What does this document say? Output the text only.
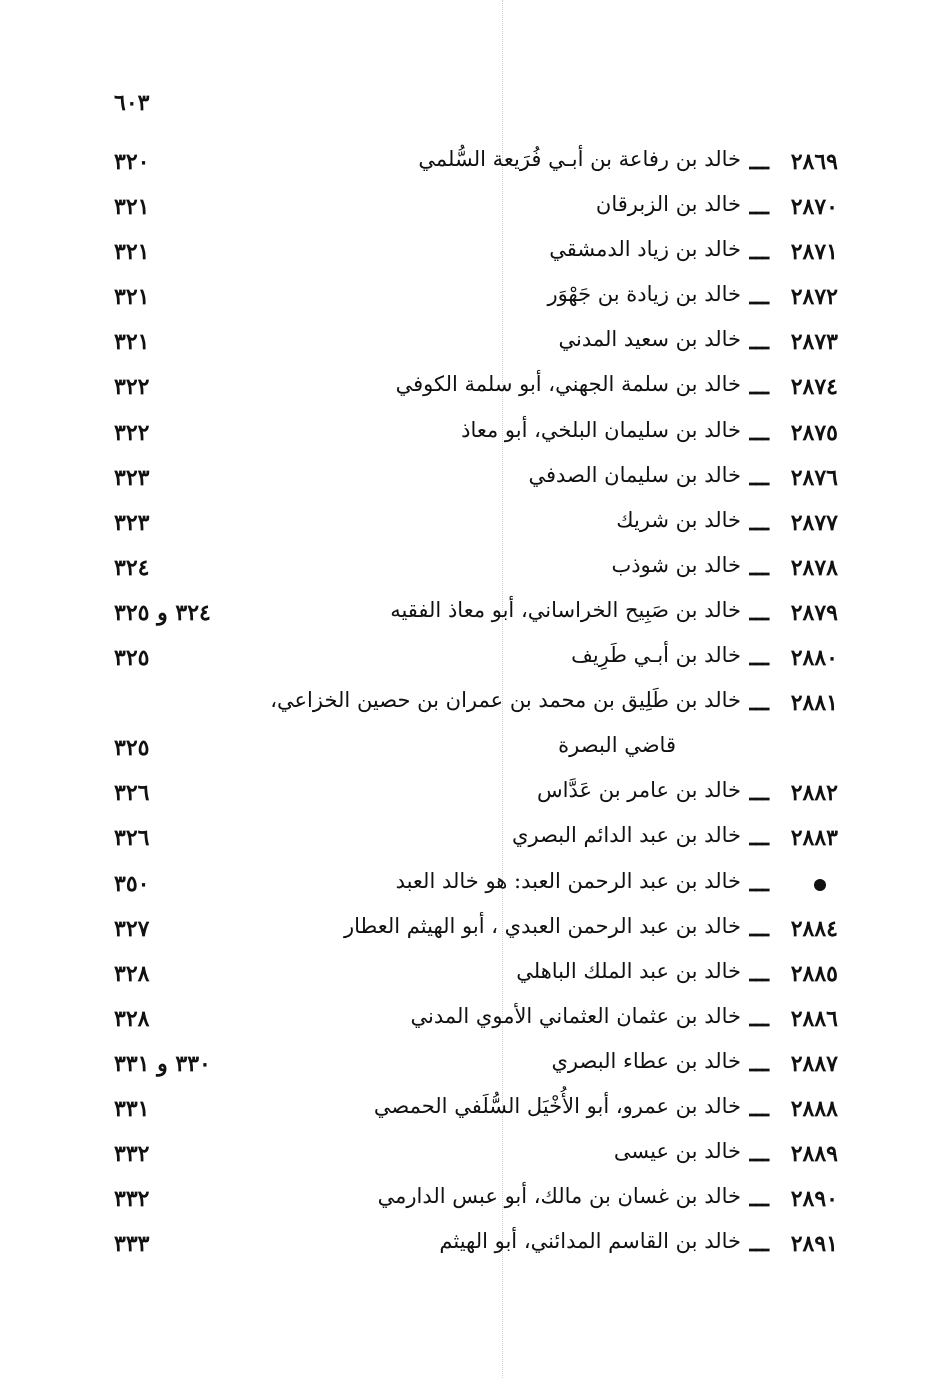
٦٠٣
٢٨٦٩
ـــ
خالد بن رفاعة بن أبـي فُرَيعة السُّلمي
٣٢٠
٢٨٧٠
ـــ
خالد بن الزبرقان
٣٢١
٢٨٧١
ـــ
خالد بن زياد الدمشقي
٣٢١
٢٨٧٢
ـــ
خالد بن زيادة بن جَهْوَر
٣٢١
٢٨٧٣
ـــ
خالد بن سعيد المدني
٣٢١
٢٨٧٤
ـــ
خالد بن سلمة الجهني، أبو سلمة الكوفي
٣٢٢
٢٨٧٥
ـــ
خالد بن سليمان البلخي، أبو معاذ
٣٢٢
٢٨٧٦
ـــ
خالد بن سليمان الصدفي
٣٢٣
٢٨٧٧
ـــ
خالد بن شريك
٣٢٣
٢٨٧٨
ـــ
خالد بن شوذب
٣٢٤
٢٨٧٩
ـــ
خالد بن صَبِيح الخراساني، أبو معاذ الفقيه
٣٢٤ و ٣٢٥
٢٨٨٠
ـــ
خالد بن أبـي طَرِيف
٣٢٥
٢٨٨١
ـــ
خالد بن طَلِيق بن محمد بن عمران بن حصين الخزاعي،
قاضي البصرة
٣٢٥
٢٨٨٢
ـــ
خالد بن عامر بن عَدَّاس
٣٢٦
٢٨٨٣
ـــ
خالد بن عبد الدائم البصري
٣٢٦
ـــ
خالد بن عبد الرحمن العبد: هو خالد العبد
٣٥٠
٢٨٨٤
ـــ
خالد بن عبد الرحمن العبدي ، أبو الهيثم العطار
٣٢٧
٢٨٨٥
ـــ
خالد بن عبد الملك الباهلي
٣٢٨
٢٨٨٦
ـــ
خالد بن عثمان العثماني الأموي المدني
٣٢٨
٢٨٨٧
ـــ
خالد بن عطاء البصري
٣٣٠ و ٣٣١
٢٨٨٨
ـــ
خالد بن عمرو، أبو الأُخْيَل السُّلَفي الحمصي
٣٣١
٢٨٨٩
ـــ
خالد بن عيسى
٣٣٢
٢٨٩٠
ـــ
خالد بن غسان بن مالك، أبو عبس الدارمي
٣٣٢
٢٨٩١
ـــ
خالد بن القاسم المدائني، أبو الهيثم
٣٣٣
